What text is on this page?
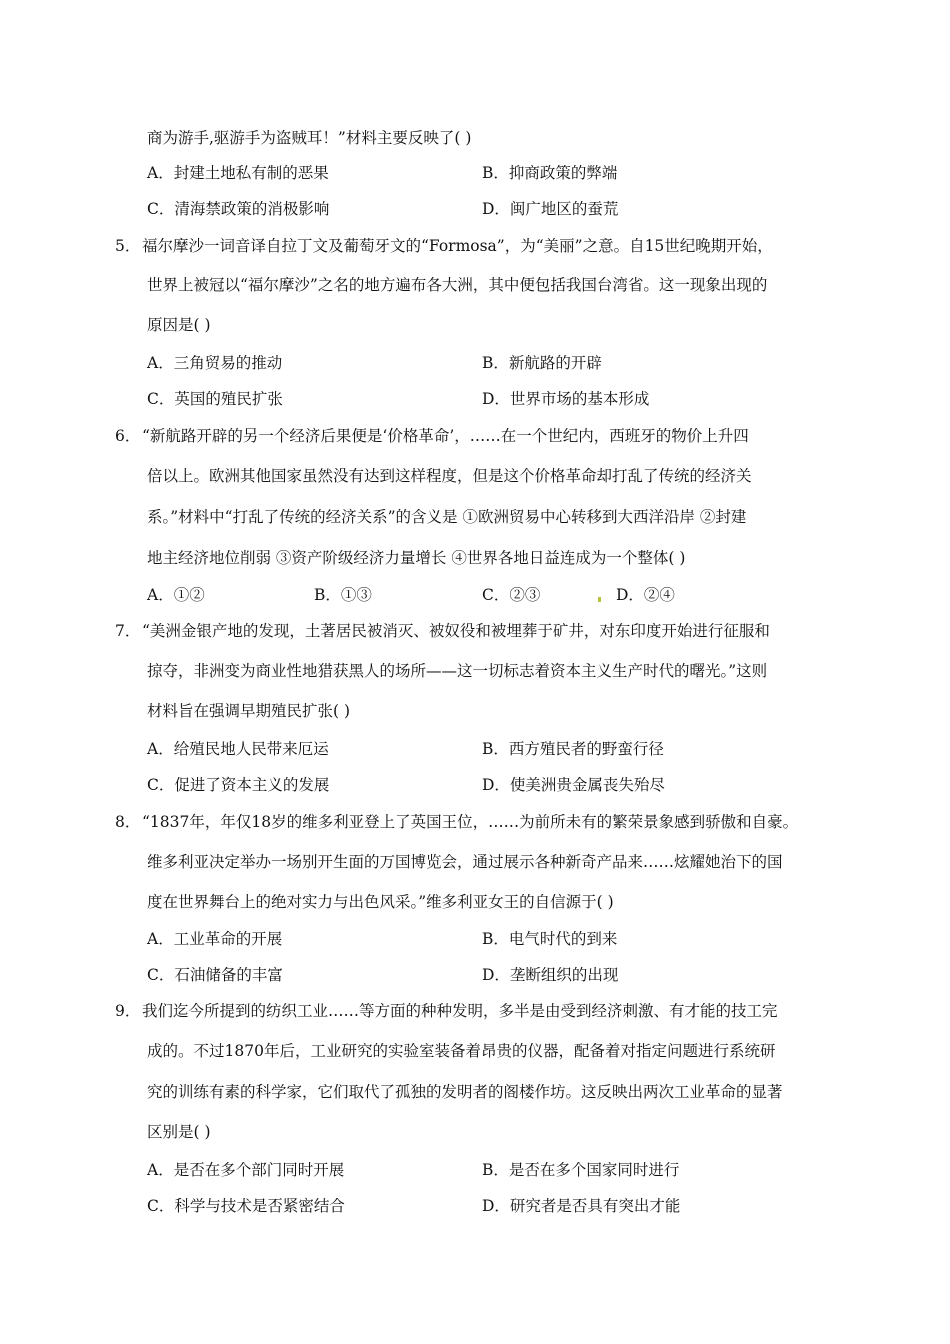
商为游手,驱游手为盗贼耳！”材料主要反映了( )
A．封建土地私有制的恶果	B．抑商政策的弊端
C．清海禁政策的消极影响	D．闽广地区的蚕荒
5． 福尔摩沙一词音译自拉丁文及葡萄牙文的“Formosa”，为“美丽”之意。自15世纪晚期开始，
世界上被冠以“福尔摩沙”之名的地方遍布各大洲，其中便包括我国台湾省。这一现象出现的
原因是( )
A．三角贸易的推动	B．新航路的开辟
C．英国的殖民扩张	D．世界市场的基本形成
6． “新航路开辟的另一个经济后果便是‘价格革命’，……在一个世纪内，西班牙的物价上升四
倍以上。欧洲其他国家虽然没有达到这样程度，但是这个价格革命却打乱了传统的经济关
系。”材料中“打乱了传统的经济关系”的含义是 ①欧洲贸易中心转移到大西洋沿岸 ②封建
地主经济地位削弱 ③资产阶级经济力量增长 ④世界各地日益连成为一个整体( )
A．①②	B．①③	C．②③	D．②④
7． “美洲金银产地的发现，土著居民被消灭、被奴役和被埋葬于矿井，对东印度开始进行征服和
掠夺，非洲变为商业性地猎获黑人的场所——这一切标志着资本主义生产时代的曙光。”这则
材料旨在强调早期殖民扩张( )
A．给殖民地人民带来厄运	B．西方殖民者的野蛮行径
C．促进了资本主义的发展	D．使美洲贵金属丧失殆尽
8． “1837年，年仅18岁的维多利亚登上了英国王位，……为前所未有的繁荣景象感到骄傲和自豪。
维多利亚决定举办一场别开生面的万国博览会，通过展示各种新奇产品来……炫耀她治下的国
度在世界舞台上的绝对实力与出色风采。”维多利亚女王的自信源于( )
A．工业革命的开展	B．电气时代的到来
C．石油储备的丰富	D．垄断组织的出现
9． 我们迄今所提到的纺织工业……等方面的种种发明，多半是由受到经济刺激、有才能的技工完
成的。不过1870年后，工业研究的实验室装备着昂贵的仪器，配备着对指定问题进行系统研
究的训练有素的科学家，它们取代了孤独的发明者的阁楼作坊。这反映出两次工业革命的显著
区别是( )
A．是否在多个部门同时开展	B．是否在多个国家同时进行
C．科学与技术是否紧密结合	D．研究者是否具有突出才能
